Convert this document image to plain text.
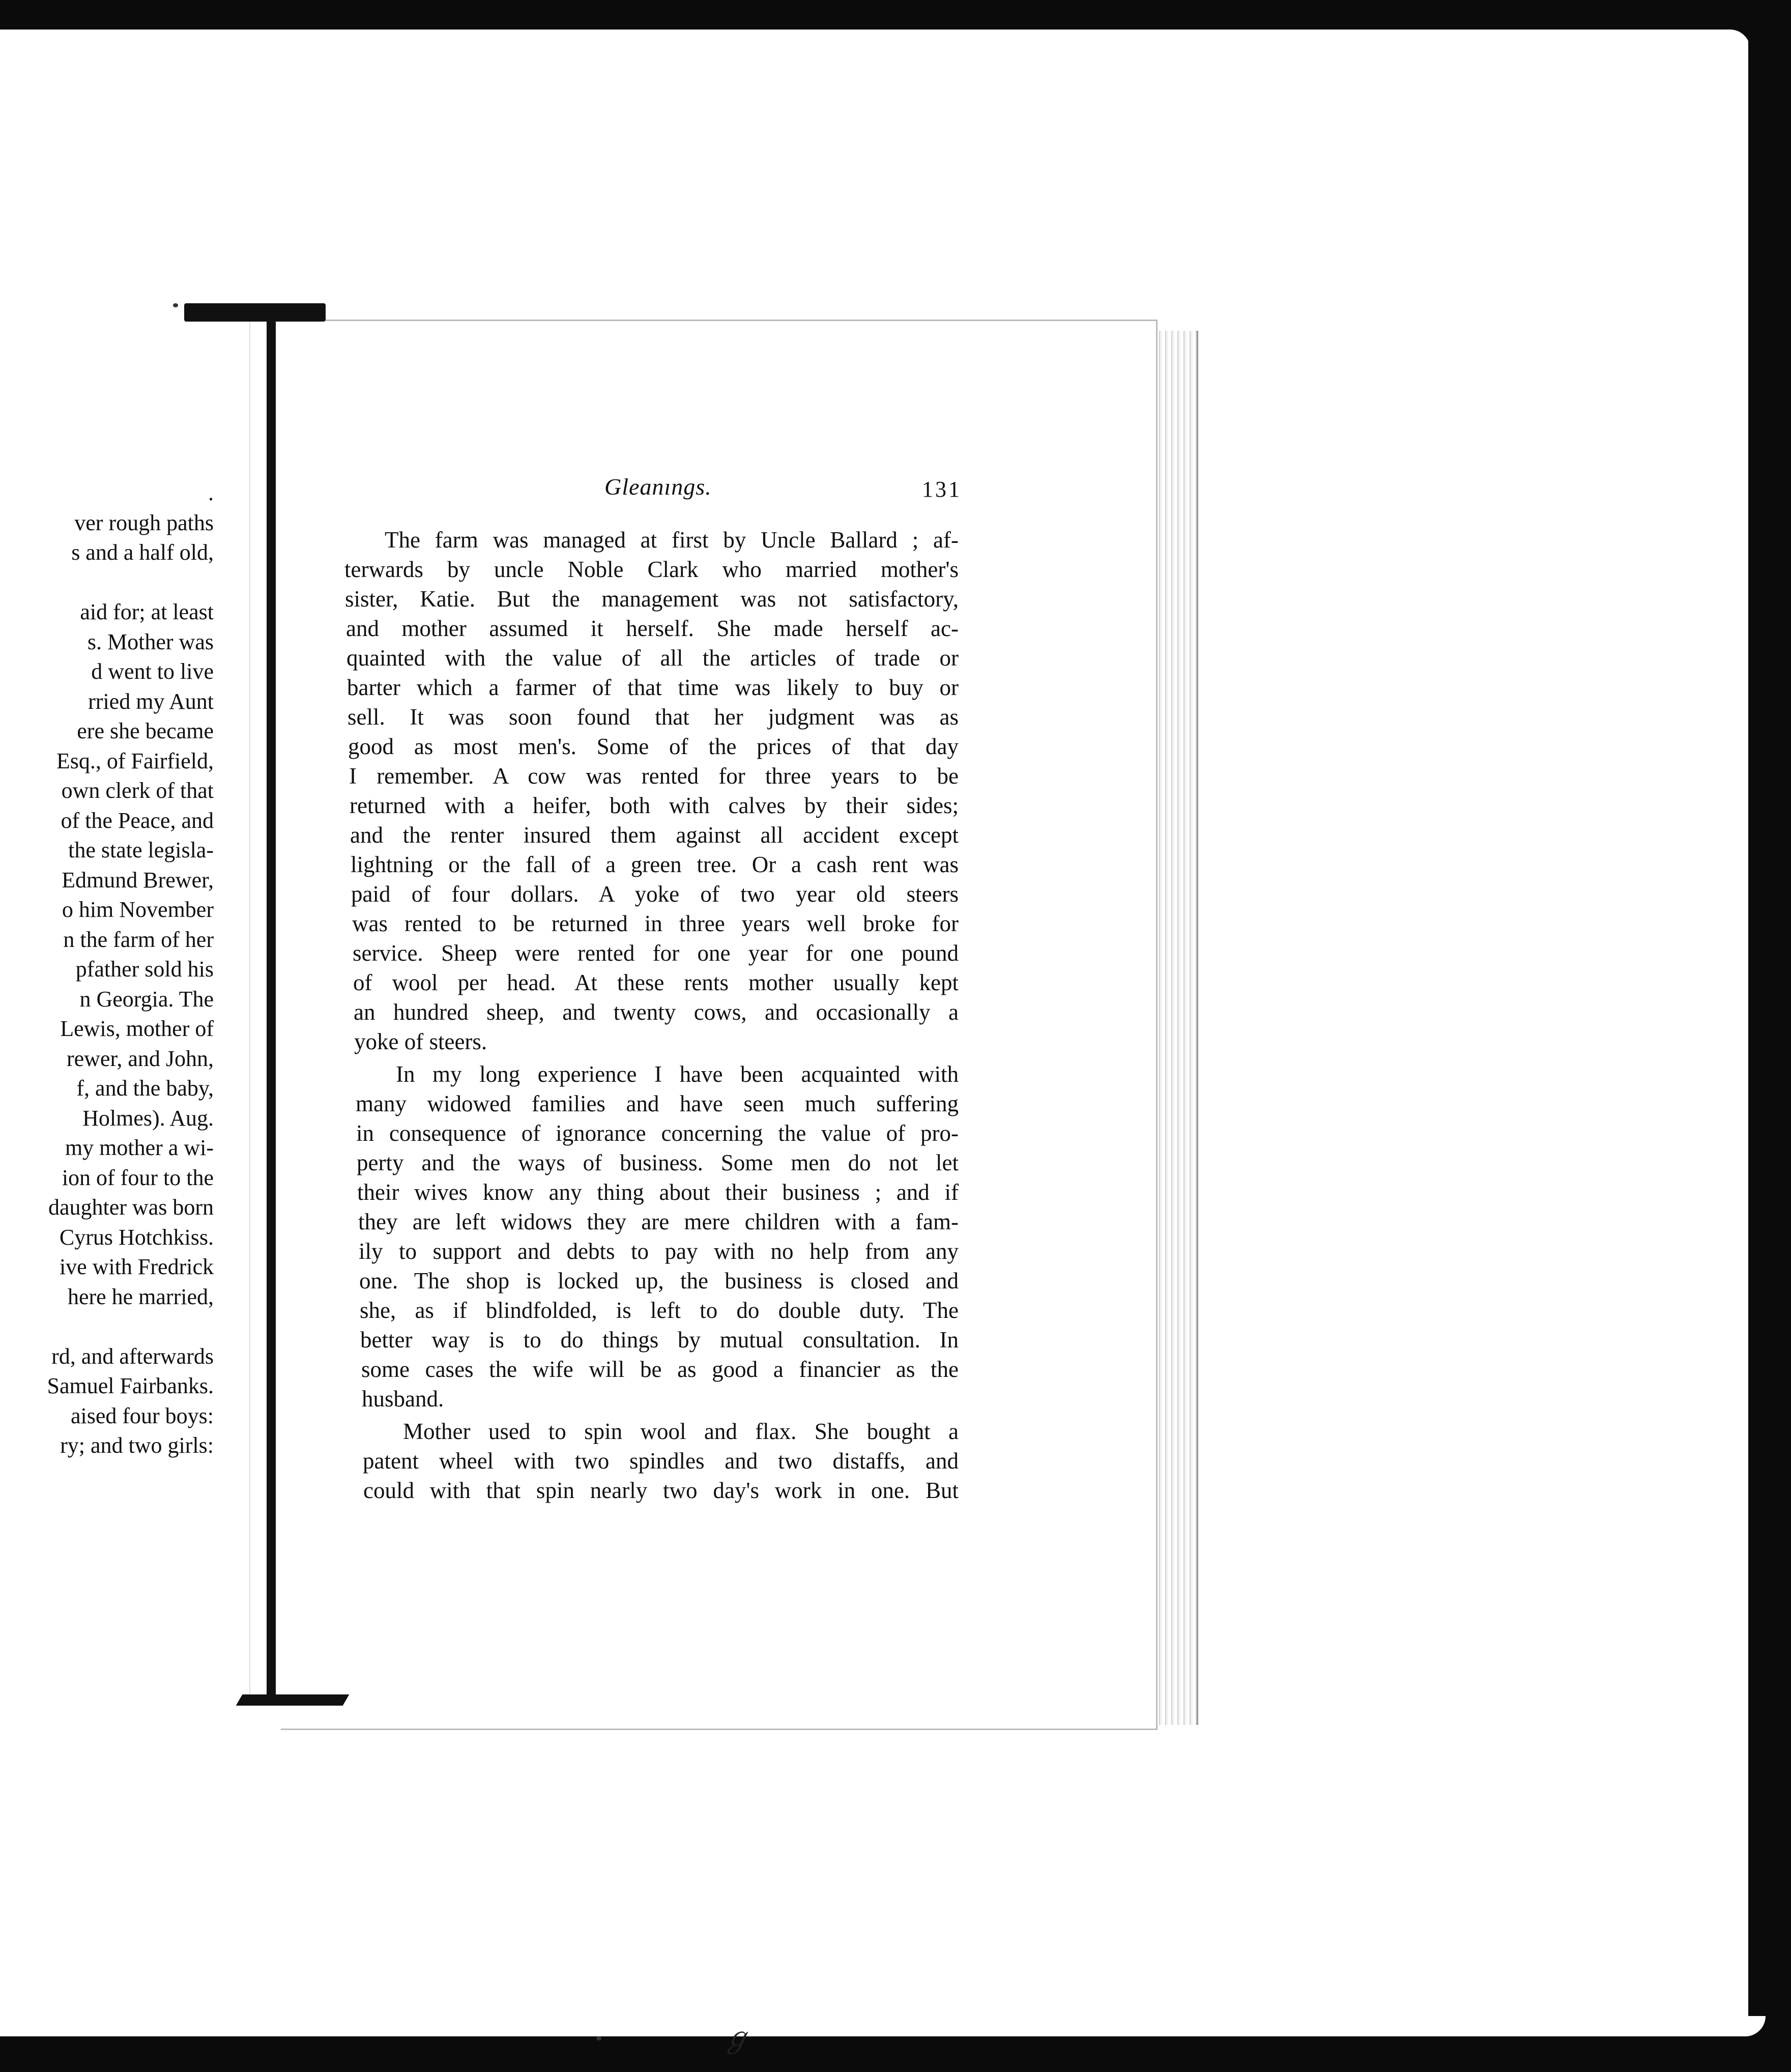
.
ver rough paths
s and a half old,
aid for; at least
s. Mother was
d went to live
rried my Aunt
ere she became
Esq., of Fairfield,
own clerk of that
of the Peace, and
the state legisla-
Edmund Brewer,
o him November
n the farm of her
pfather sold his
n Georgia. The
Lewis, mother of
rewer, and John,
f, and the baby,
Holmes). Aug.
my mother a wi-
ion of four to the
daughter was born
Cyrus Hotchkiss.
ive with Fredrick
here he married,
rd, and afterwards
Samuel Fairbanks.
aised four boys:
ry; and two girls:
Gleanıngs.	131
The farm was managed at first by Uncle Ballard ; af-
terwards by uncle Noble Clark who married mother's
sister, Katie. But the management was not satisfactory,
and mother assumed it herself. She made herself ac-
quainted with the value of all the articles of trade or
barter which a farmer of that time was likely to buy or
sell. It was soon found that her judgment was as
good as most men's. Some of the prices of that day
I remember. A cow was rented for three years to be
returned with a heifer, both with calves by their sides;
and the renter insured them against all accident except
lightning or the fall of a green tree. Or a cash rent was
paid of four dollars. A yoke of two year old steers
was rented to be returned in three years well broke for
service. Sheep were rented for one year for one pound
of wool per head. At these rents mother usually kept
an hundred sheep, and twenty cows, and occasionally a
yoke of steers.
In my long experience I have been acquainted with
many widowed families and have seen much suffering
in consequence of ignorance concerning the value of pro-
perty and the ways of business. Some men do not let
their wives know any thing about their business ; and if
they are left widows they are mere children with a fam-
ily to support and debts to pay with no help from any
one. The shop is locked up, the business is closed and
she, as if blindfolded, is left to do double duty. The
better way is to do things by mutual consultation. In
some cases the wife will be as good a financier as the
husband.
Mother used to spin wool and flax. She bought a
patent wheel with two spindles and two distaffs, and
could with that spin nearly two day's work in one. But
ℊ
